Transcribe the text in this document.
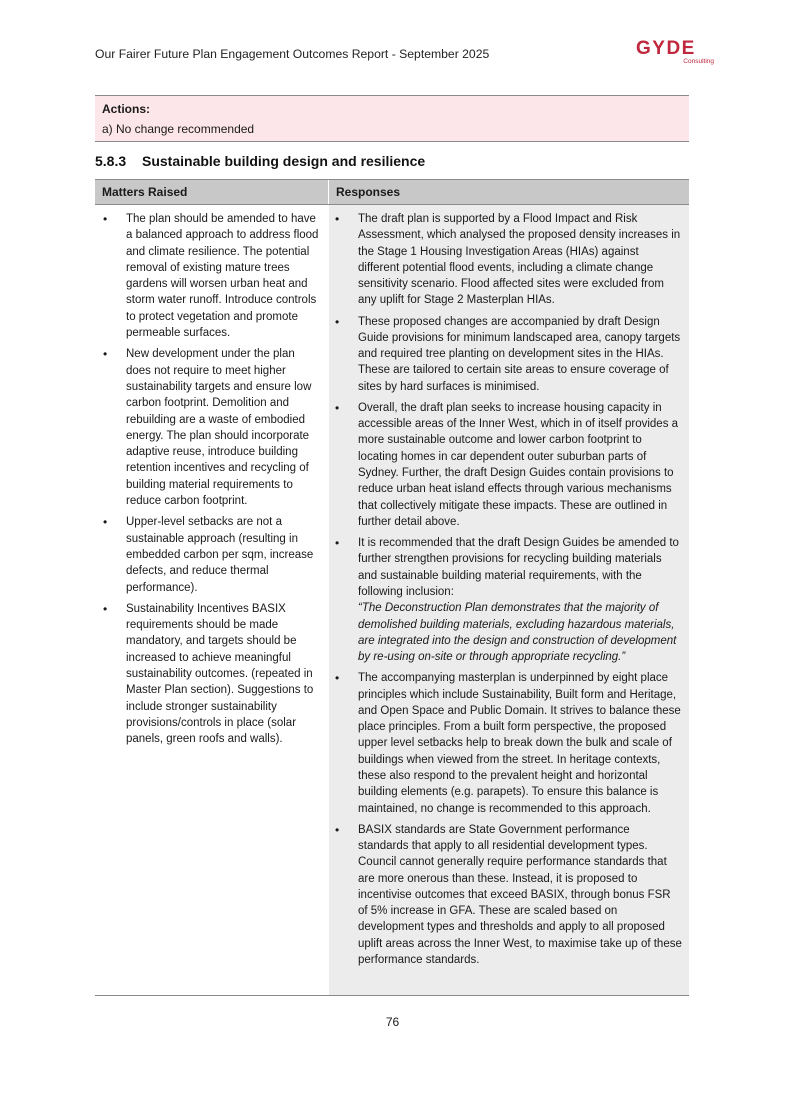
Our Fairer Future Plan Engagement Outcomes Report - September 2025	GYDE
Consulting
Actions:
a) No change recommended
5.8.3 Sustainable building design and resilience
Matters Raised	Responses
• The plan should be amended to have a balanced approach to address flood and climate resilience. The potential removal of existing mature trees gardens will worsen urban heat and storm water runoff. Introduce controls to protect vegetation and promote permeable surfaces.
• New development under the plan does not require to meet higher sustainability targets and ensure low carbon footprint. Demolition and rebuilding are a waste of embodied energy. The plan should incorporate adaptive reuse, introduce building retention incentives and recycling of building material requirements to reduce carbon footprint.
• Upper-level setbacks are not a sustainable approach (resulting in embedded carbon per sqm, increase defects, and reduce thermal performance).
• Sustainability Incentives BASIX requirements should be made mandatory, and targets should be increased to achieve meaningful sustainability outcomes. (repeated in Master Plan section). Suggestions to include stronger sustainability provisions/controls in place (solar panels, green roofs and walls).
• The draft plan is supported by a Flood Impact and Risk Assessment, which analysed the proposed density increases in the Stage 1 Housing Investigation Areas (HIAs) against different potential flood events, including a climate change sensitivity scenario. Flood affected sites were excluded from any uplift for Stage 2 Masterplan HIAs.
• These proposed changes are accompanied by draft Design Guide provisions for minimum landscaped area, canopy targets and required tree planting on development sites in the HIAs. These are tailored to certain site areas to ensure coverage of sites by hard surfaces is minimised.
• Overall, the draft plan seeks to increase housing capacity in accessible areas of the Inner West, which in of itself provides a more sustainable outcome and lower carbon footprint to locating homes in car dependent outer suburban parts of Sydney. Further, the draft Design Guides contain provisions to reduce urban heat island effects through various mechanisms that collectively mitigate these impacts. These are outlined in further detail above.
• It is recommended that the draft Design Guides be amended to further strengthen provisions for recycling building materials and sustainable building material requirements, with the following inclusion:
“The Deconstruction Plan demonstrates that the majority of demolished building materials, excluding hazardous materials, are integrated into the design and construction of development by re-using on-site or through appropriate recycling.”
• The accompanying masterplan is underpinned by eight place principles which include Sustainability, Built form and Heritage, and Open Space and Public Domain. It strives to balance these place principles. From a built form perspective, the proposed upper level setbacks help to break down the bulk and scale of buildings when viewed from the street. In heritage contexts, these also respond to the prevalent height and horizontal building elements (e.g. parapets). To ensure this balance is maintained, no change is recommended to this approach.
• BASIX standards are State Government performance standards that apply to all residential development types. Council cannot generally require performance standards that are more onerous than these. Instead, it is proposed to incentivise outcomes that exceed BASIX, through bonus FSR of 5% increase in GFA. These are scaled based on development types and thresholds and apply to all proposed uplift areas across the Inner West, to maximise take up of these performance standards.
76
